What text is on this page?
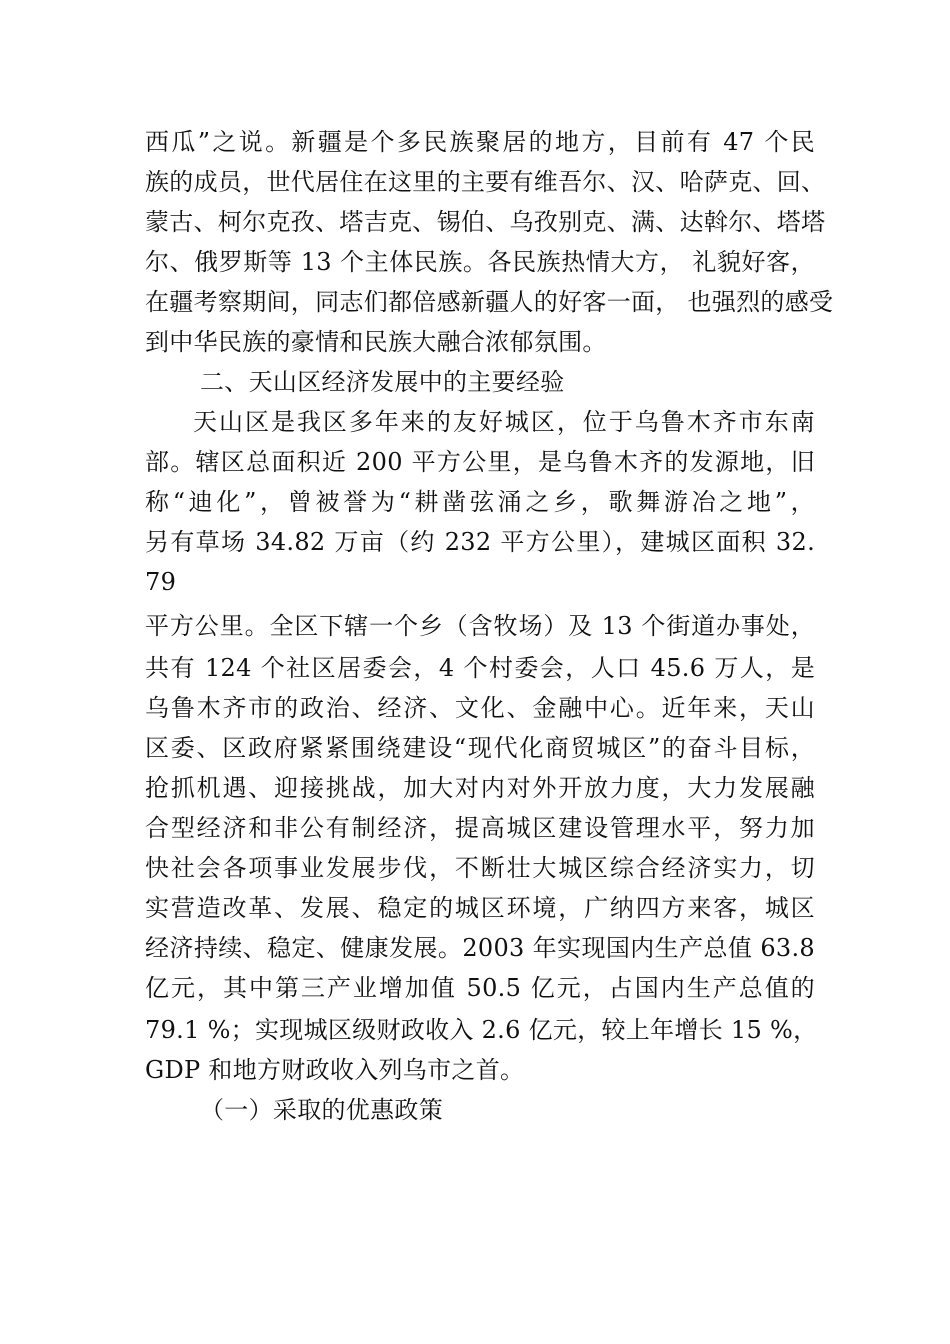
西瓜”之说。新疆是个多民族聚居的地方，目前有 47 个民
族的成员，世代居住在这里的主要有维吾尔、汉、哈萨克、回、
蒙古、柯尔克孜、塔吉克、锡伯、乌孜别克、满、达斡尔、塔塔
尔、俄罗斯等 13 个主体民族。各民族热情大方， 礼貌好客，
在疆考察期间，同志们都倍感新疆人的好客一面， 也强烈的感受
到中华民族的豪情和民族大融合浓郁氛围。
二、天山区经济发展中的主要经验
天山区是我区多年来的友好城区，位于乌鲁木齐市东南
部。辖区总面积近 200 平方公里，是乌鲁木齐的发源地，旧
称“迪化”，曾被誉为“耕凿弦涌之乡，歌舞游冶之地”，
另有草场 34.82 万亩（约 232 平方公里），建城区面积 32.
79
平方公里。全区下辖一个乡（含牧场）及 13 个街道办事处，
共有 124 个社区居委会，4 个村委会，人口 45.6 万人，是
乌鲁木齐市的政治、经济、文化、金融中心。近年来，天山
区委、区政府紧紧围绕建设“现代化商贸城区”的奋斗目标，
抢抓机遇、迎接挑战，加大对内对外开放力度，大力发展融
合型经济和非公有制经济，提高城区建设管理水平，努力加
快社会各项事业发展步伐，不断壮大城区综合经济实力，切
实营造改革、发展、稳定的城区环境，广纳四方来客，城区
经济持续、稳定、健康发展。2003 年实现国内生产总值 63.8
亿元，其中第三产业增加值 50.5 亿元，占国内生产总值的
79.1 %；实现城区级财政收入 2.6 亿元，较上年增长 15 %，
GDP 和地方财政收入列乌市之首。
（一）采取的优惠政策
